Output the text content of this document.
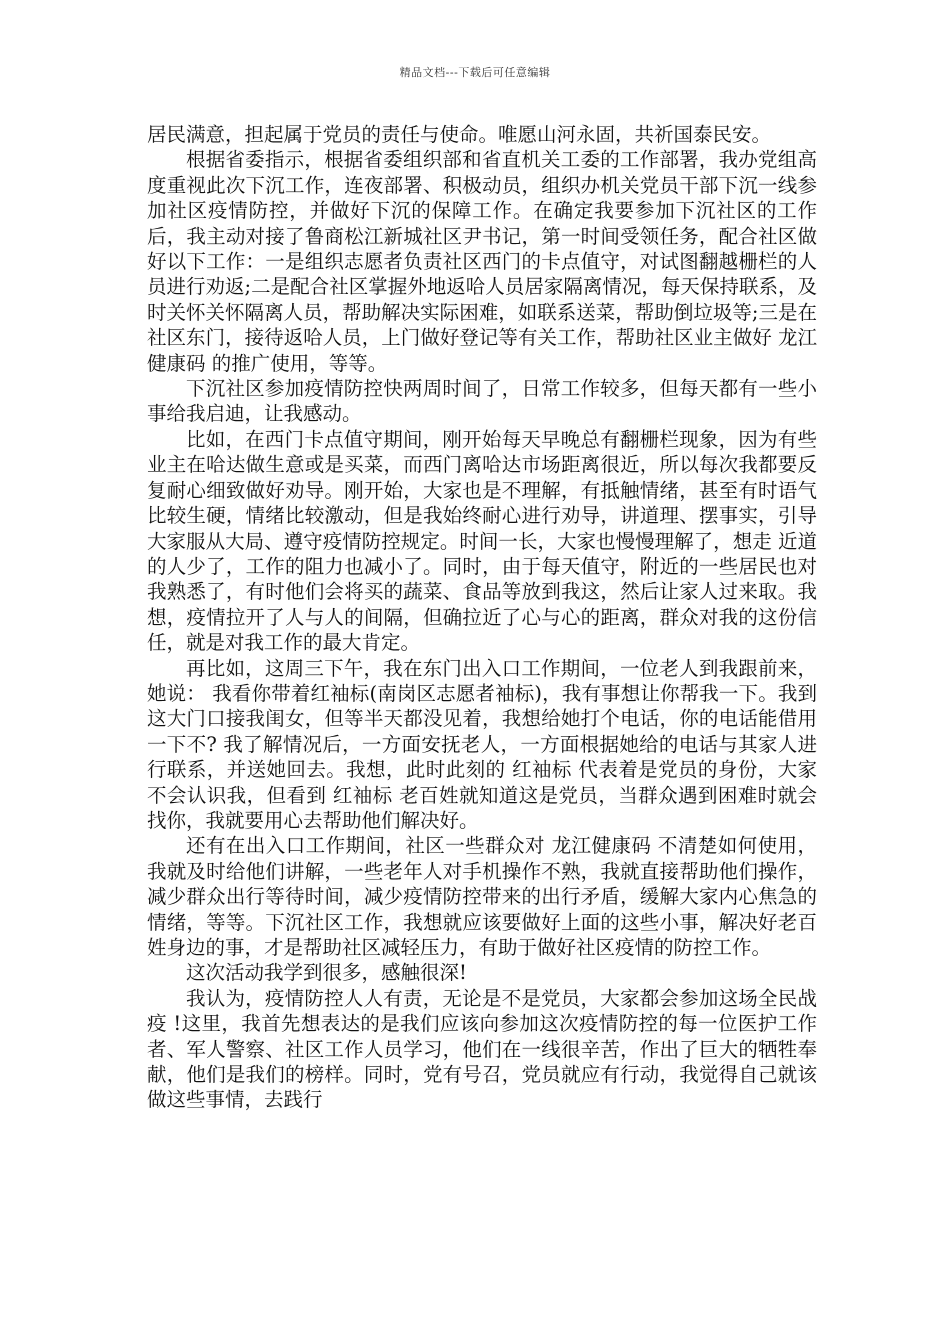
精品文档---下载后可任意编辑

居民满意，担起属于党员的责任与使命。唯愿山河永固，共祈国泰民安。

根据省委指示，根据省委组织部和省直机关工委的工作部署，我办党组高度重视此次下沉工作，连夜部署、积极动员，组织办机关党员干部下沉一线参加社区疫情防控，并做好下沉的保障工作。在确定我要参加下沉社区的工作后，我主动对接了鲁商松江新城社区尹书记，第一时间受领任务，配合社区做好以下工作：一是组织志愿者负责社区西门的卡点值守，对试图翻越栅栏的人员进行劝返;二是配合社区掌握外地返哈人员居家隔离情况，每天保持联系，及时关怀关怀隔离人员，帮助解决实际困难，如联系送菜，帮助倒垃圾等;三是在社区东门，接待返哈人员，上门做好登记等有关工作，帮助社区业主做好 龙江健康码 的推广使用，等等。

下沉社区参加疫情防控快两周时间了，日常工作较多，但每天都有一些小事给我启迪，让我感动。

比如，在西门卡点值守期间，刚开始每天早晚总有翻栅栏现象，因为有些业主在哈达做生意或是买菜，而西门离哈达市场距离很近，所以每次我都要反复耐心细致做好劝导。刚开始，大家也是不理解，有抵触情绪，甚至有时语气比较生硬，情绪比较激动，但是我始终耐心进行劝导，讲道理、摆事实，引导大家服从大局、遵守疫情防控规定。时间一长，大家也慢慢理解了，想走 近道 的人少了，工作的阻力也减小了。同时，由于每天值守，附近的一些居民也对我熟悉了，有时他们会将买的蔬菜、食品等放到我这，然后让家人过来取。我想，疫情拉开了人与人的间隔，但确拉近了心与心的距离，群众对我的这份信任，就是对我工作的最大肯定。

再比如，这周三下午，我在东门出入口工作期间，一位老人到我跟前来，她说： 我看你带着红袖标(南岗区志愿者袖标)，我有事想让你帮我一下。我到这大门口接我闺女，但等半天都没见着，我想给她打个电话，你的电话能借用一下不? 我了解情况后，一方面安抚老人，一方面根据她给的电话与其家人进行联系，并送她回去。我想，此时此刻的 红袖标 代表着是党员的身份，大家不会认识我，但看到 红袖标 老百姓就知道这是党员，当群众遇到困难时就会找你，我就要用心去帮助他们解决好。

还有在出入口工作期间，社区一些群众对 龙江健康码 不清楚如何使用，我就及时给他们讲解，一些老年人对手机操作不熟，我就直接帮助他们操作，减少群众出行等待时间，减少疫情防控带来的出行矛盾，缓解大家内心焦急的情绪，等等。下沉社区工作，我想就应该要做好上面的这些小事，解决好老百姓身边的事，才是帮助社区减轻压力，有助于做好社区疫情的防控工作。

这次活动我学到很多，感触很深!

我认为，疫情防控人人有责，无论是不是党员，大家都会参加这场全民战 疫 !这里，我首先想表达的是我们应该向参加这次疫情防控的每一位医护工作者、军人警察、社区工作人员学习，他们在一线很辛苦，作出了巨大的牺牲奉献，他们是我们的榜样。同时，党有号召，党员就应有行动，我觉得自己就该做这些事情，去践行
